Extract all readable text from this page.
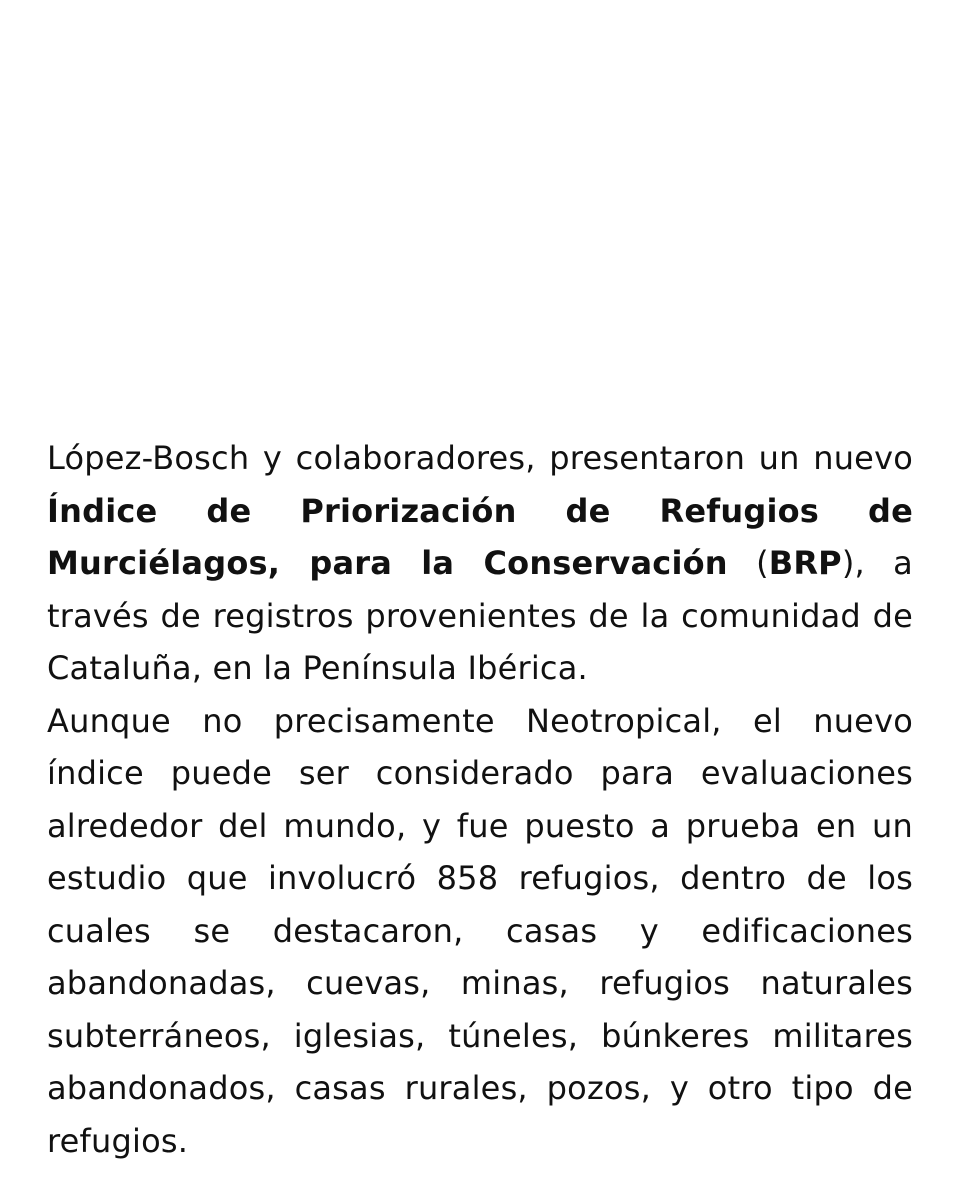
López-Bosch y colaboradores, presentaron un nuevo Índice de Priorización de Refugios de Murciélagos, para la Conservación (BRP), a través de registros provenientes de la comunidad de Cataluña, en la Península Ibérica.

Aunque no precisamente Neotropical, el nuevo índice puede ser considerado para evaluaciones alrededor del mundo, y fue puesto a prueba en un estudio que involucró 858 refugios, dentro de los cuales se destacaron, casas y edificaciones abandonadas, cuevas, minas, refugios naturales subterráneos, iglesias, túneles, búnkeres militares abandonados, casas rurales, pozos, y otro tipo de refugios.
